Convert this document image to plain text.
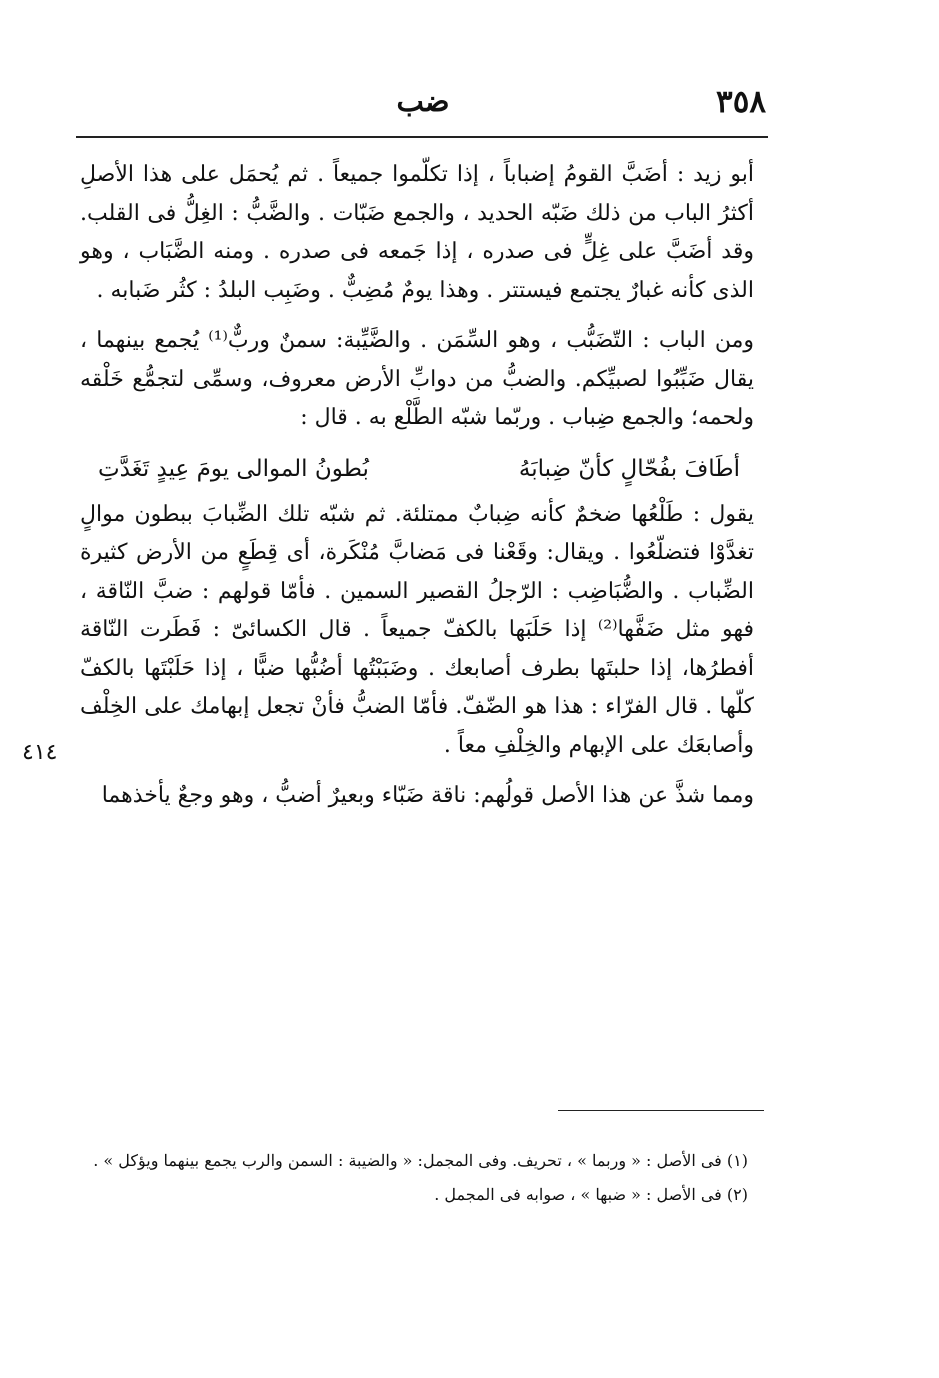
٣٥٨
ضب

أبو زيد : أضَبَّ القومُ إضباباً ، إذا تكلّموا جميعاً . ثم يُحمَل على هذا الأصلِ أكثرُ الباب من ذلك ضَبّه الحديد ، والجمع ضَبّات . والضَّبُّ : الغِلُّ فى القلب. وقد أضَبَّ على غِلٍّ فى صدره ، إذا جَمعه فى صدره . ومنه الضَّبَاب ، وهو الذى كأنه غبارٌ يجتمع فيستتر . وهذا يومٌ مُضِبٌّ . وضَبِب البلدُ : كثُر ضَبابه .

ومن الباب : التّضَبُّب ، وهو السِّمَن . والضَّيِّبة: سمنٌ وربٌّ⁽¹⁾ يُجمع بينهما ، يقال ضَبِّبُوا لصبيِّكم. والضبُّ من دوابِّ الأرض معروف، وسمِّى لتجمُّع خَلْقه ولحمه؛ والجمع ضِباب . وربّما شبّه الطَّلْع به . قال :

أطَافَ بفُحّالٍ كأنّ ضِبابَهُ
بُطونُ الموالى يومَ عِيدٍ تَغَدَّتِ

يقول : طَلْعُها ضخمٌ كأنه ضِبابٌ ممتلئة. ثم شبّه تلك الضِّبابَ ببطون موالٍ تغدَّوْا فتضلّعُوا . ويقال: وقَعْنا فى مَضابَّ مُنْكَرة، أى قِطَعٍ من الأرض كثيرة الضِّباب . والضُّبَاضِب : الرّجلُ القصير السمين . فأمّا قولهم : ضبَّ النّاقة ، فهو مثل ضَفَّها⁽²⁾ إذا حَلَبَها بالكفّ جميعاً . قال الكسائىّ : فَطَرت النّاقة أفطرُها، إذا حلبتَها بطرف أصابعك . وضَبَبْتُها أضُبُّها ضبًّا ، إذا حَلَبْتَها بالكفّ كلّها . قال الفرّاء : هذا هو الضّفّ. فأمّا الضبُّ فأنْ تجعل إبهامك على الخِلْف وأصابعَك على الإبهام والخِلْفِ معاً .

ومما شذَّ عن هذا الأصل قولُهم: ناقة ضَبّاء وبعيرٌ أضبُّ ، وهو وجعٌ يأخذهما

٤١٤

(١) فى الأصل : « وربما » ، تحريف. وفى المجمل: « والضيبة : السمن والرب يجمع بينهما ويؤكل » .

(٢) فى الأصل : « ضبها » ، صوابه فى المجمل .
